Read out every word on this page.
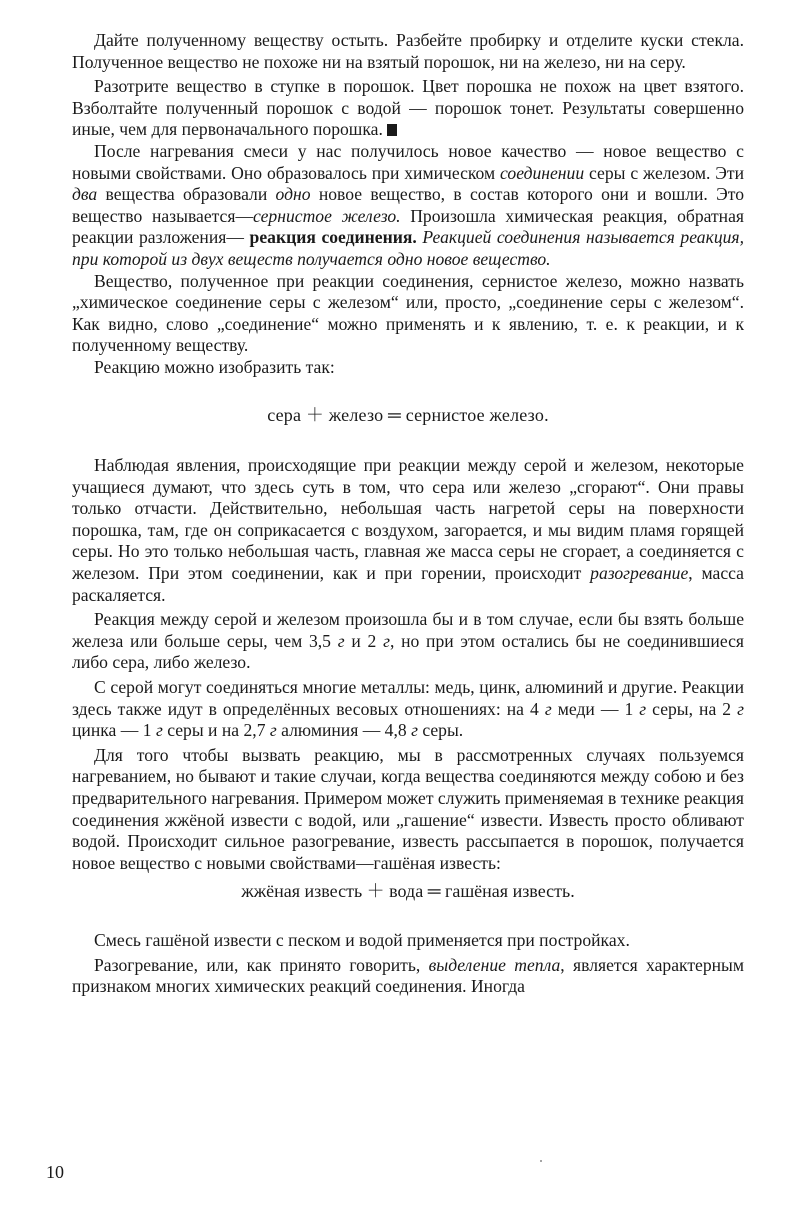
Дайте полученному веществу остыть. Разбейте пробирку и отделите куски стекла. Полученное вещество не похоже ни на взятый порошок, ни на железо, ни на серу.

Разотрите вещество в ступке в порошок. Цвет порошка не похож на цвет взятого. Взболтайте полученный порошок с водой — порошок тонет. Результаты совершенно иные, чем для первоначального порошка.

После нагревания смеси у нас получилось новое качество — новое вещество с новыми свойствами. Оно образовалось при химическом соединении серы с железом. Эти два вещества образовали одно новое вещество, в состав которого они и вошли. Это вещество называется—сернистое железо. Произошла химическая реакция, обратная реакции разложения— реакция соединения. Реакцией соединения называется реакция, при которой из двух веществ получается одно новое вещество.

Вещество, полученное при реакции соединения, сернистое железо, можно назвать „химическое соединение серы с железом“ или, просто, „соединение серы с железом“. Как видно, слово „соединение“ можно применять и к явлению, т. е. к реакции, и к полученному веществу.

Реакцию можно изобразить так:

сера ＋ железо ═ сернистое железо.

Наблюдая явления, происходящие при реакции между серой и железом, некоторые учащиеся думают, что здесь суть в том, что сера или железо „сгорают“. Они правы только отчасти. Действительно, небольшая часть нагретой серы на поверхности порошка, там, где он соприкасается с воздухом, загорается, и мы видим пламя горящей серы. Но это только небольшая часть, главная же масса серы не сгорает, а соединяется с железом. При этом соединении, как и при горении, происходит разогревание, масса раскаляется.

Реакция между серой и железом произошла бы и в том случае, если бы взять больше железа или больше серы, чем 3,5 г и 2 г, но при этом остались бы не соединившиеся либо сера, либо железо.

С серой могут соединяться многие металлы: медь, цинк, алюминий и другие. Реакции здесь также идут в определённых весовых отношениях: на 4 г меди — 1 г серы, на 2 г цинка — 1 г серы и на 2,7 г алюминия — 4,8 г серы.

Для того чтобы вызвать реакцию, мы в рассмотренных случаях пользуемся нагреванием, но бывают и такие случаи, когда вещества соединяются между собою и без предварительного нагревания. Примером может служить применяемая в технике реакция соединения жжёной извести с водой, или „гашение“ извести. Известь просто обливают водой. Происходит сильное разогревание, известь рассыпается в порошок, получается новое вещество с новыми свойствами—гашёная известь:

жжёная известь ＋ вода ═ гашёная известь.

Смесь гашёной извести с песком и водой применяется при постройках.

Разогревание, или, как принято говорить, выделение тепла, является характерным признаком многих химических реакций соединения. Иногда

10
